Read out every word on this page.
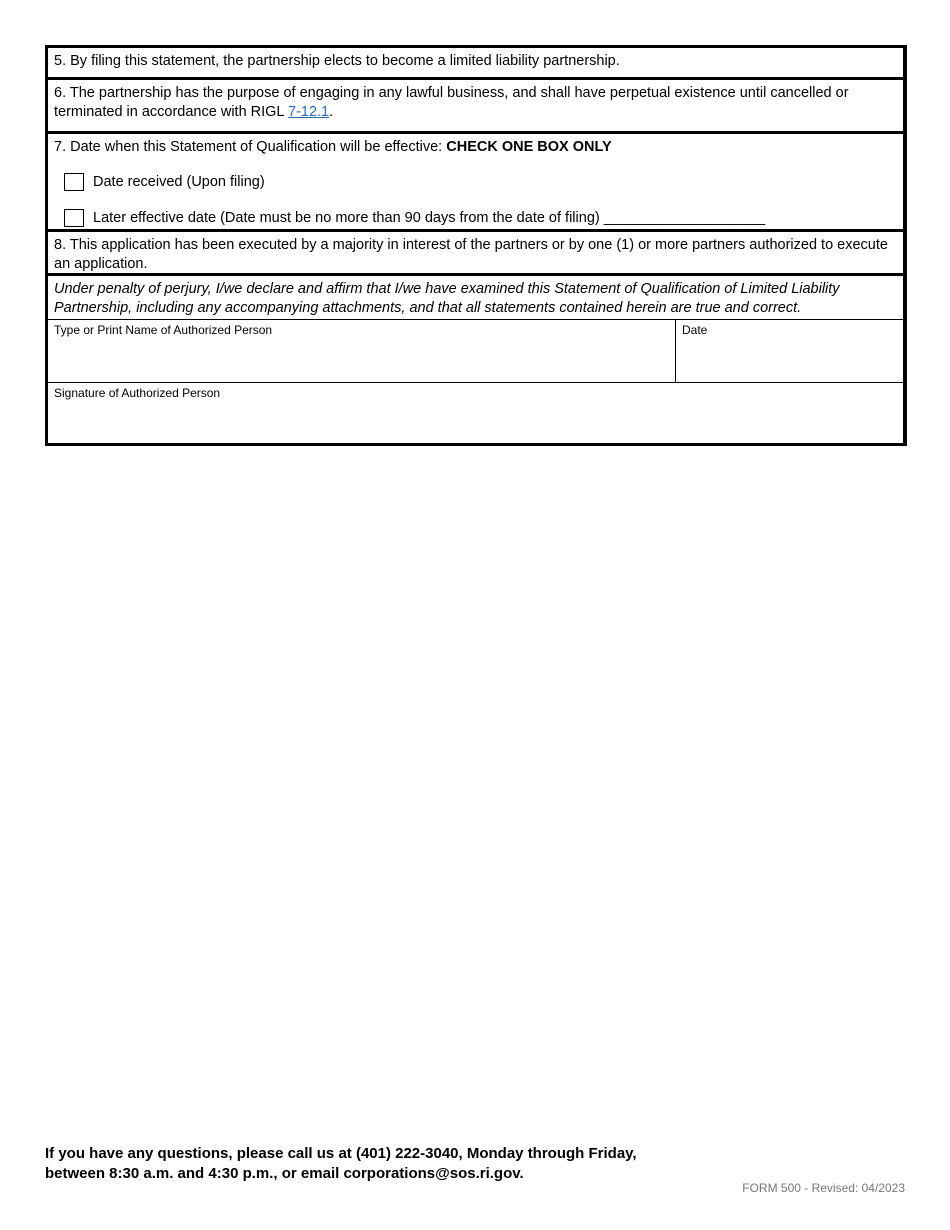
5. By filing this statement, the partnership elects to become a limited liability partnership.
6. The partnership has the purpose of engaging in any lawful business, and shall have perpetual existence until cancelled or terminated in accordance with RIGL 7-12.1.
7. Date when this Statement of Qualification will be effective: CHECK ONE BOX ONLY
Date received (Upon filing)
Later effective date (Date must be no more than 90 days from the date of filing) ____________________
8. This application has been executed by a majority in interest of the partners or by one (1) or more partners authorized to execute an application.
Under penalty of perjury, I/we declare and affirm that I/we have examined this Statement of Qualification of Limited Liability Partnership, including any accompanying attachments, and that all statements contained herein are true and correct.
Type or Print Name of Authorized Person	Date
Signature of Authorized Person
If you have any questions, please call us at (401) 222-3040, Monday through Friday,
between 8:30 a.m. and 4:30 p.m., or email corporations@sos.ri.gov.
FORM 500 - Revised: 04/2023
